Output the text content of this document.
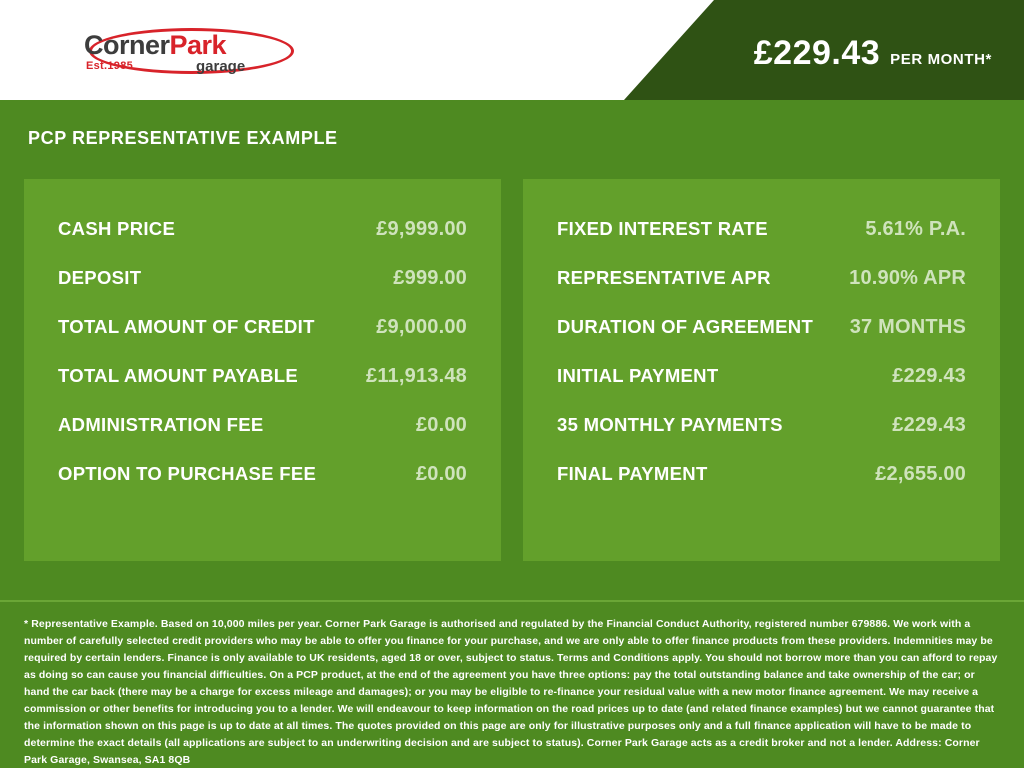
CornerPark
Est.1985	garage	£229.43 PER MONTH*
PCP REPRESENTATIVE EXAMPLE
CASH PRICE	£9,999.00
DEPOSIT	£999.00
TOTAL AMOUNT OF CREDIT	£9,000.00
TOTAL AMOUNT PAYABLE	£11,913.48
ADMINISTRATION FEE	£0.00
OPTION TO PURCHASE FEE	£0.00
FIXED INTEREST RATE	5.61% P.A.
REPRESENTATIVE APR	10.90% APR
DURATION OF AGREEMENT 37 MONTHS
INITIAL PAYMENT	£229.43
35 MONTHLY PAYMENTS	£229.43
FINAL PAYMENT	£2,655.00

* Representative Example. Based on 10,000 miles per year. Corner Park Garage is authorised and regulated by the Financial Conduct Authority, registered number 679886. We work with a number of carefully selected credit providers who may be able to offer you finance for your purchase, and we are only able to offer finance products from these providers. Indemnities may be required by certain lenders. Finance is only available to UK residents, aged 18 or over, subject to status. Terms and Conditions apply. You should not borrow more than you can afford to repay as doing so can cause you financial difficulties. On a PCP product, at the end of the agreement you have three options: pay the total outstanding balance and take ownership of the car; or hand the car back (there may be a charge for excess mileage and damages); or you may be eligible to re-finance your residual value with a new motor finance agreement. We may receive a commission or other benefits for introducing you to a lender. We will endeavour to keep information on the road prices up to date (and related finance examples) but we cannot guarantee that the information shown on this page is up to date at all times. The quotes provided on this page are only for illustrative purposes only and a full finance application will have to be made to determine the exact details (all applications are subject to an underwriting decision and are subject to status). Corner Park Garage acts as a credit broker and not a lender. Address: Corner Park Garage, Swansea, SA1 8QB
